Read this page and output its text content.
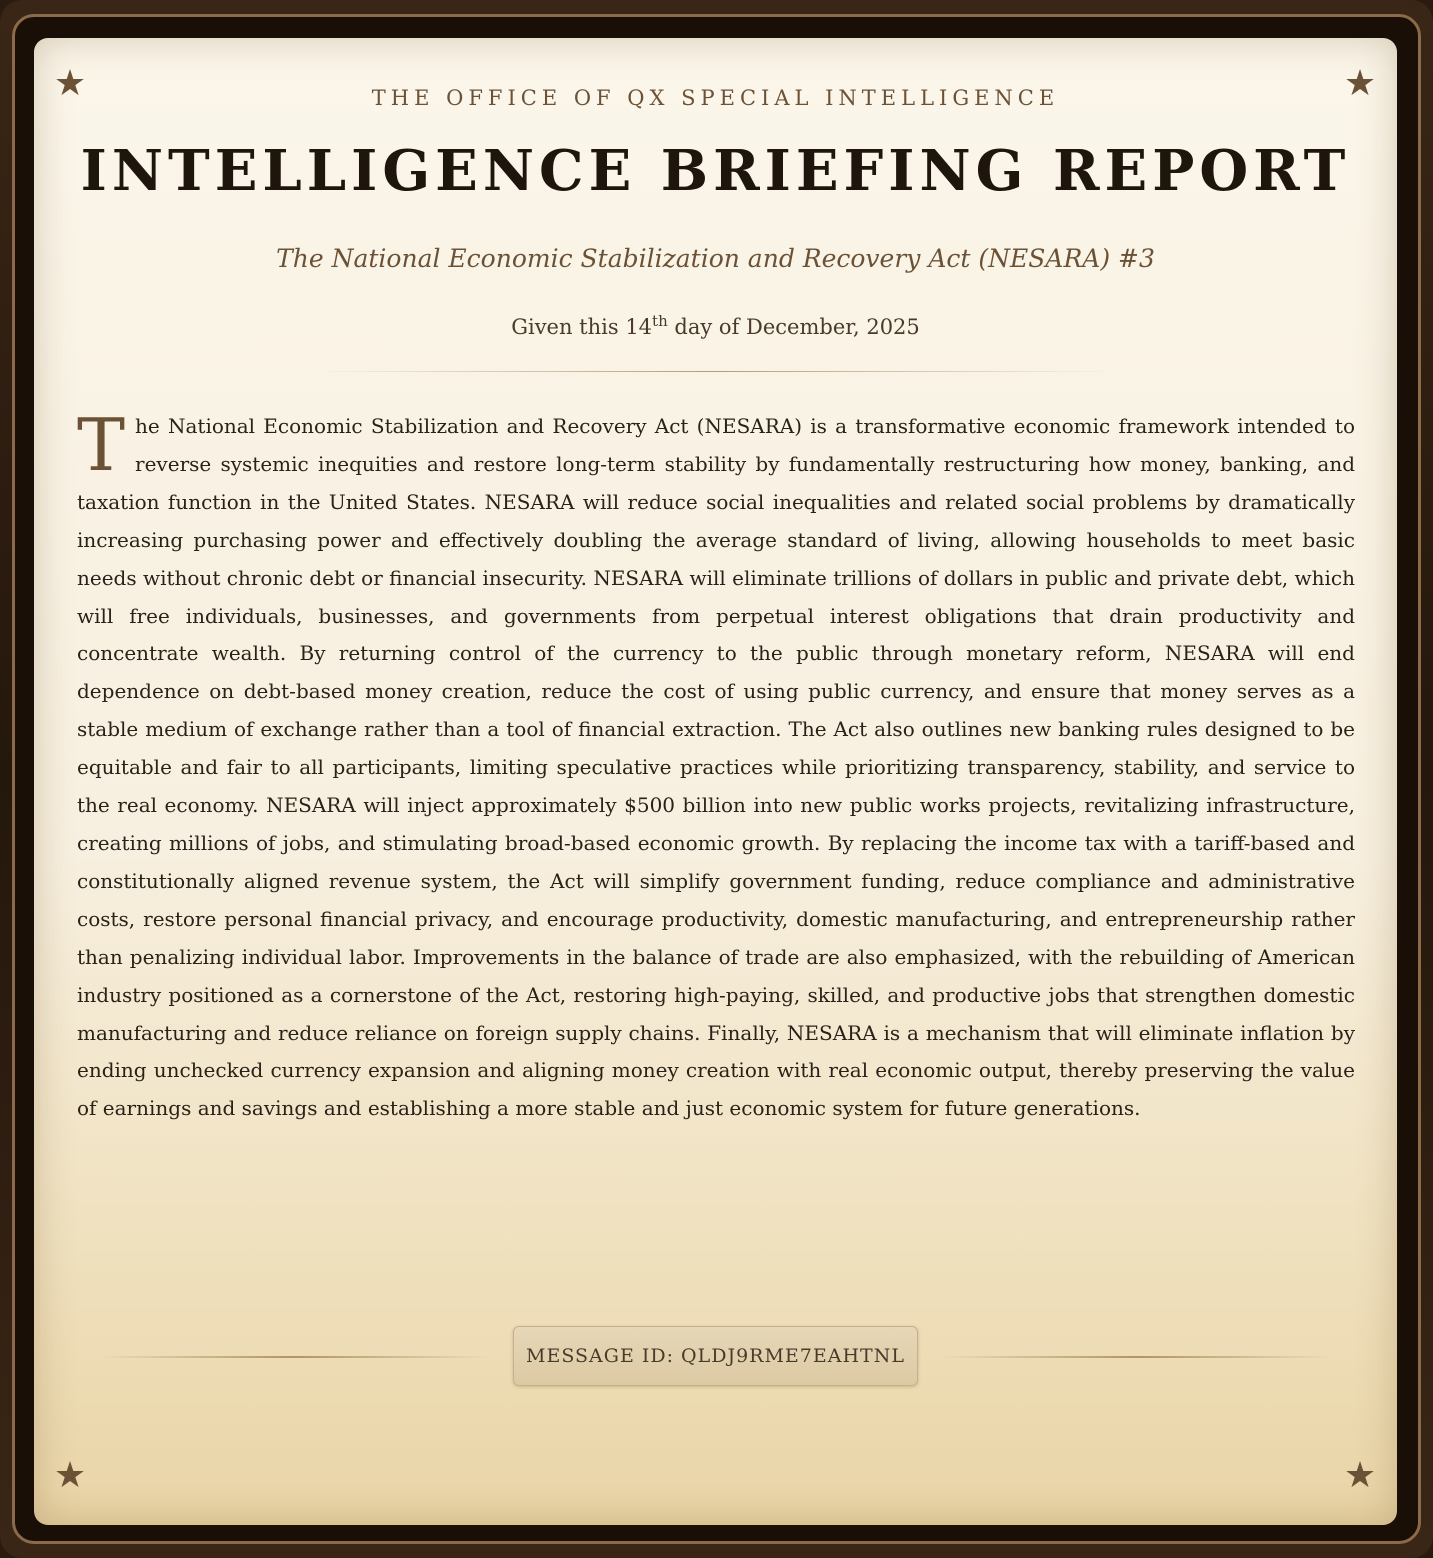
★	★
★	★
THE OFFICE OF QX SPECIAL INTELLIGENCE
INTELLIGENCE BRIEFING REPORT
The National Economic Stabilization and Recovery Act (NESARA) #3
Given this 14th day of December, 2025

The National Economic Stabilization and Recovery Act (NESARA) is a transformative economic framework intended to reverse systemic inequities and restore long-term stability by fundamentally restructuring how money, banking, and taxation function in the United States. NESARA will reduce social inequalities and related social problems by dramatically increasing purchasing power and effectively doubling the average standard of living, allowing households to meet basic needs without chronic debt or financial insecurity. NESARA will eliminate trillions of dollars in public and private debt, which will free individuals, businesses, and governments from perpetual interest obligations that drain productivity and concentrate wealth. By returning control of the currency to the public through monetary reform, NESARA will end dependence on debt-based money creation, reduce the cost of using public currency, and ensure that money serves as a stable medium of exchange rather than a tool of financial extraction. The Act also outlines new banking rules designed to be equitable and fair to all participants, limiting speculative practices while prioritizing transparency, stability, and service to the real economy. NESARA will inject approximately $500 billion into new public works projects, revitalizing infrastructure, creating millions of jobs, and stimulating broad-based economic growth. By replacing the income tax with a tariff-based and constitutionally aligned revenue system, the Act will simplify government funding, reduce compliance and administrative costs, restore personal financial privacy, and encourage productivity, domestic manufacturing, and entrepreneurship rather than penalizing individual labor. Improvements in the balance of trade are also emphasized, with the rebuilding of American industry positioned as a cornerstone of the Act, restoring high-paying, skilled, and productive jobs that strengthen domestic manufacturing and reduce reliance on foreign supply chains. Finally, NESARA is a mechanism that will eliminate inflation by ending unchecked currency expansion and aligning money creation with real economic output, thereby preserving the value of earnings and savings and establishing a more stable and just economic system for future generations.

MESSAGE ID: QLDJ9RME7EAHTNL
